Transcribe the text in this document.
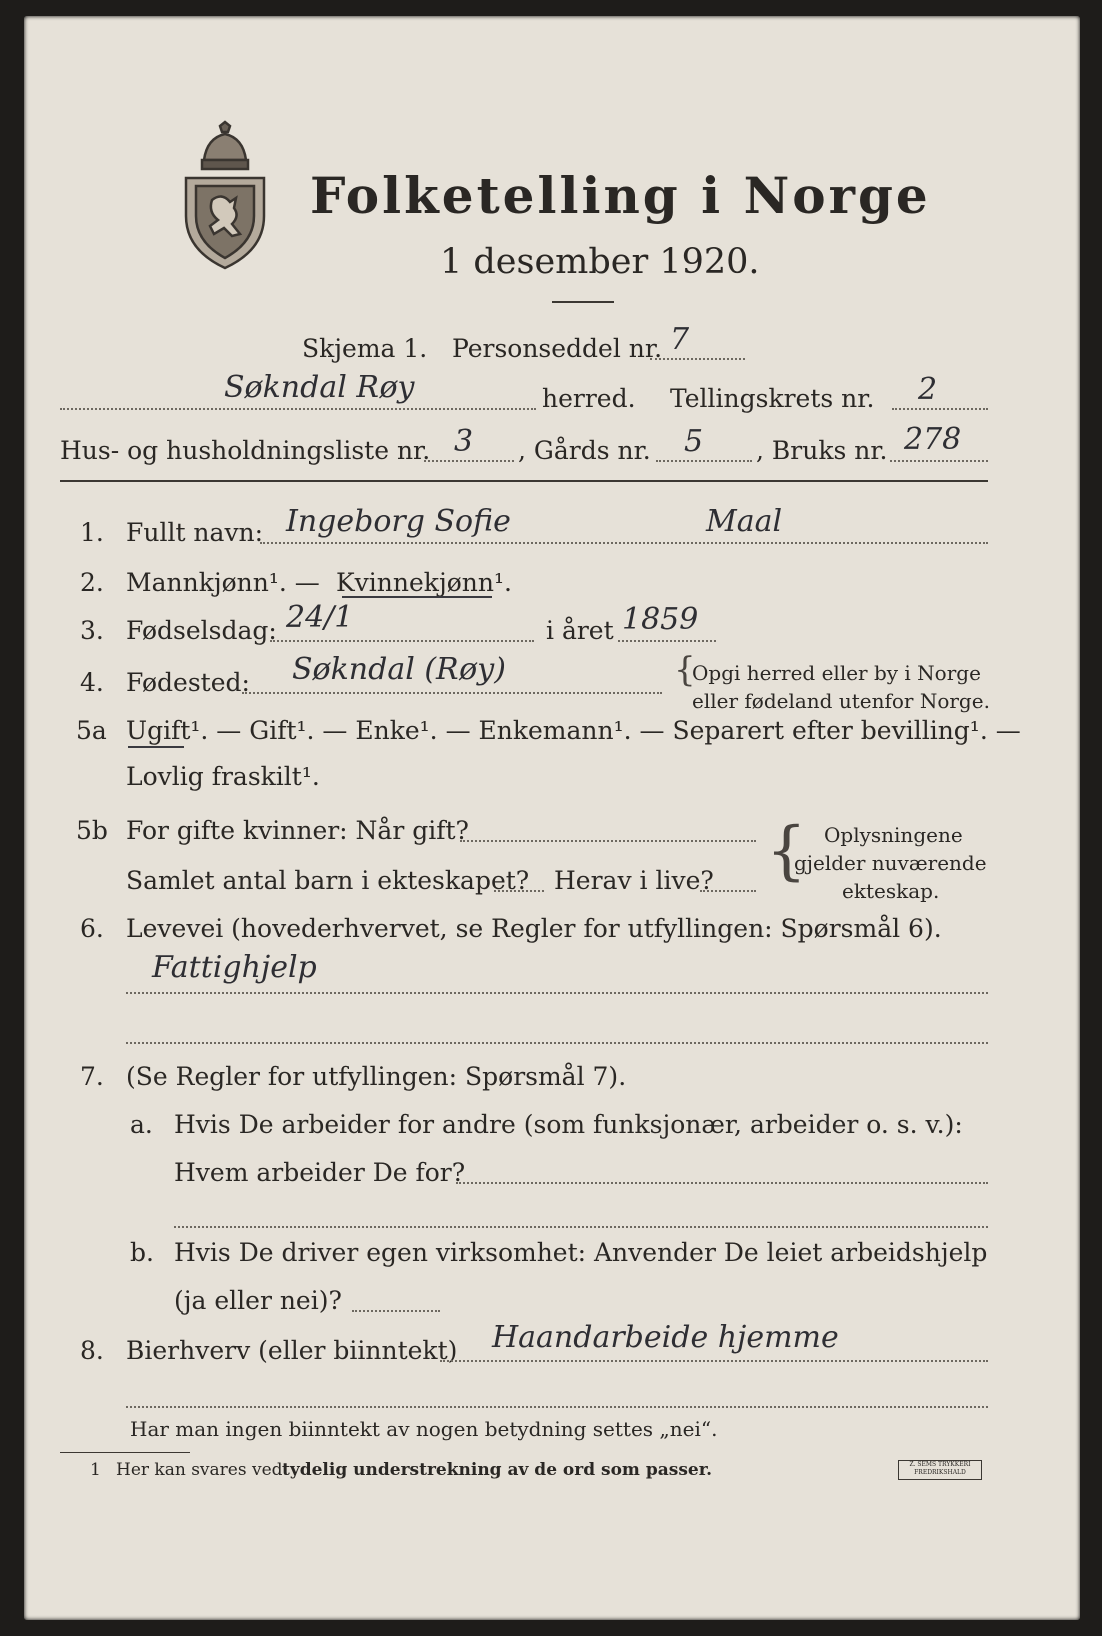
Folketelling i Norge
1 desember 1920.
Skjema 1. Personseddel nr. 7
Søkndal Røy	herred. Tellingskrets nr. 2
Hus- og husholdningsliste nr. 3 , Gårds nr. 5 , Bruks nr. 278
1. Fullt navn: Ingeborg Sofie	Maal
2. Mannkjønn¹. — Kvinnekjønn¹.
3. Fødselsdag: 24/1	i året 1859
4. Fødested: Søkndal (Røy)	{
Opgi herred eller by i Norge
eller fødeland utenfor Norge.
5a Ugift¹. — Gift¹. — Enke¹. — Enkemann¹. — Separert efter bevilling¹. —
Lovlig fraskilt¹.
5b For gifte kvinner: Når gift?
Samlet antal barn i ekteskapet? Herav i live? { Oplysningene
gjelder nuværende
ekteskap.
6. Levevei (hovederhvervet, se Regler for utfyllingen: Spørsmål 6).
Fattighjelp
7. (Se Regler for utfyllingen: Spørsmål 7).
a. Hvis De arbeider for andre (som funksjonær, arbeider o. s. v.):
Hvem arbeider De for?
b. Hvis De driver egen virksomhet: Anvender De leiet arbeidshjelp
(ja eller nei)?
8. Bierhverv (eller biinntekt) Haandarbeide hjemme
Har man ingen biinntekt av nogen betydning settes „nei“.
1 Her kan svares ved tydelig understrekning av de ord som passer.	Z. SEMS TRYKKERI
FREDRIKSHALD
